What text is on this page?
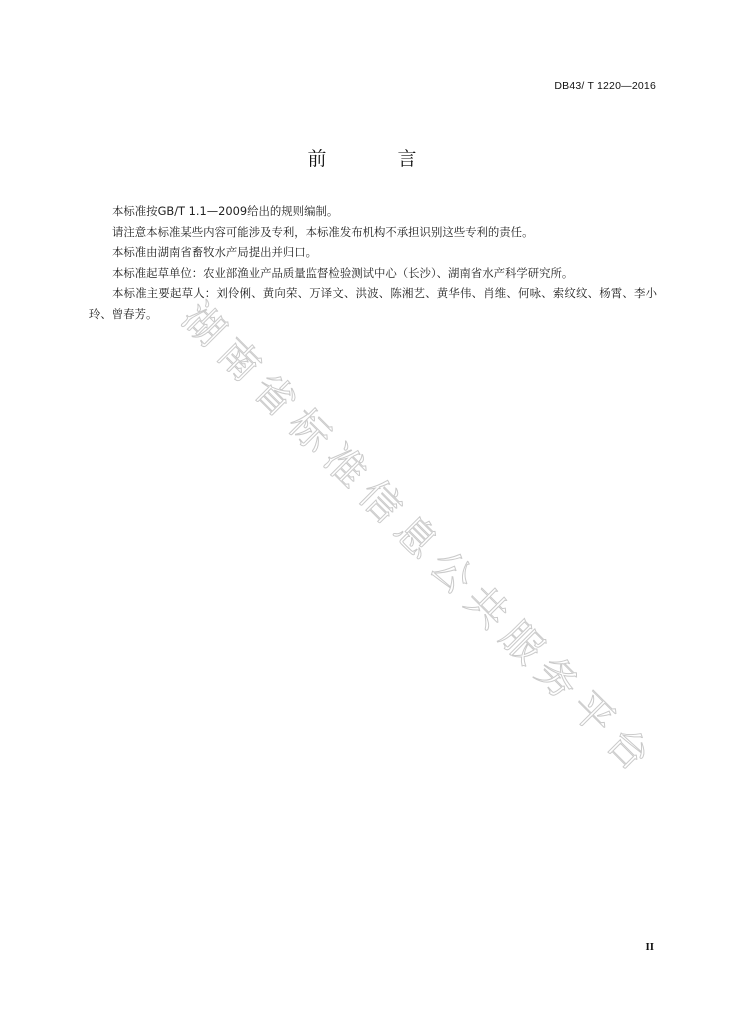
DB43/ T 1220—2016
前　言

本标准按GB/T 1.1—2009给出的规则编制。

请注意本标准某些内容可能涉及专利，本标准发布机构不承担识别这些专利的责任。

本标准由湖南省畜牧水产局提出并归口。

本标准起草单位：农业部渔业产品质量监督检验测试中心（长沙）、湖南省水产科学研究所。

本标准主要起草人：刘伶俐、黄向荣、万译文、洪波、陈湘艺、黄华伟、肖维、何咏、索纹纹、杨霄、李小玲、曾春芳。 湖南省标准信息公共服务平台
II
